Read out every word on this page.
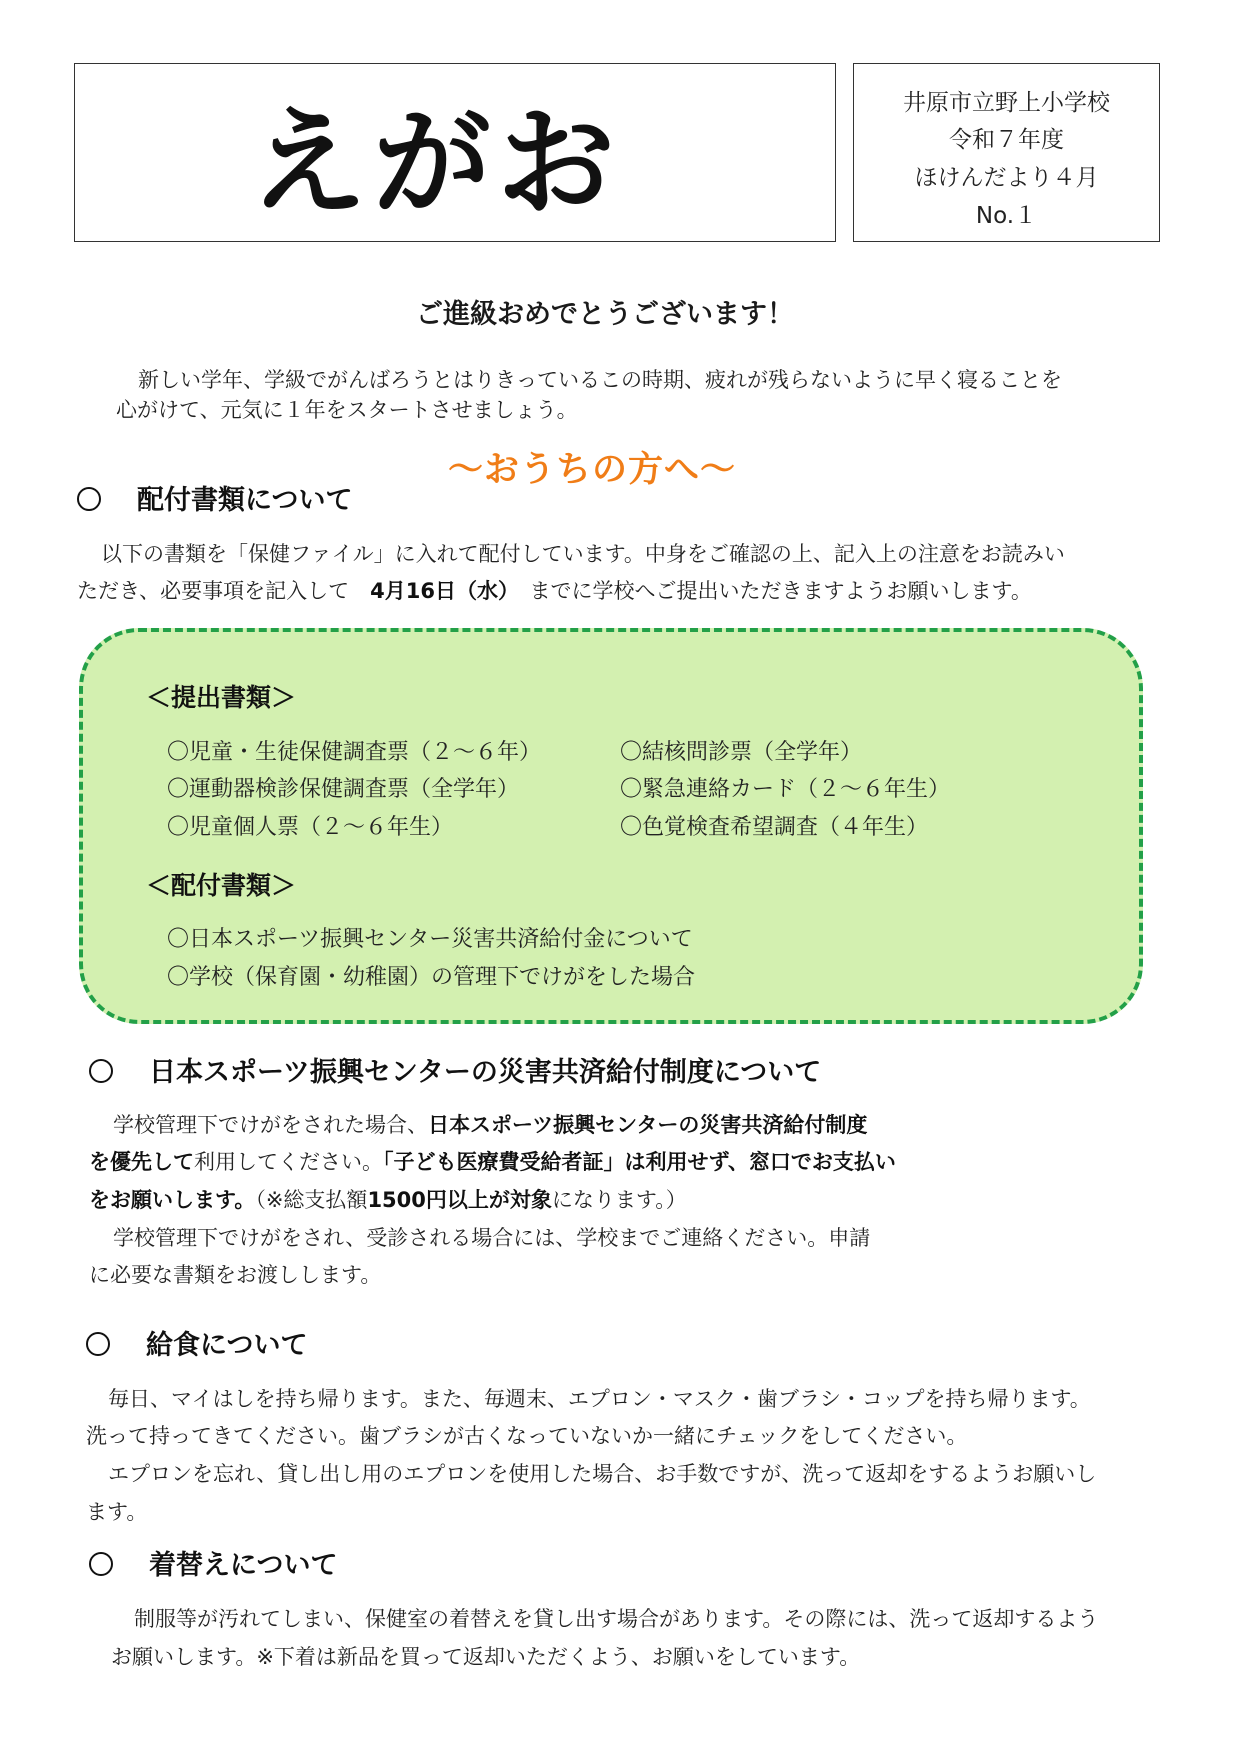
えがお	井原市立野上小学校
令和７年度
ほけんだより４月
No.１
ご進級おめでとうございます！
新しい学年、学級でがんばろうとはりきっているこの時期、疲れが残らないように早く寝ることを
心がけて、元気に１年をスタートさせましょう。
～おうちの方へ～
配付書類について
以下の書類を「保健ファイル」に入れて配付しています。中身をご確認の上、記入上の注意をお読みい
ただき、必要事項を記入して　4月16日（水）　 までに学校へご提出いただきますようお願いします。
＜提出書類＞
〇児童・生徒保健調査票（２～６年）
〇運動器検診保健調査票（全学年）
〇児童個人票（２～６年生）
〇結核問診票（全学年）
〇緊急連絡カード（２～６年生）
〇色覚検査希望調査（４年生）
＜配付書類＞
〇日本スポーツ振興センター災害共済給付金について
〇学校（保育園・幼稚園）の管理下でけがをした場合
日本スポーツ振興センターの災害共済給付制度について
学校管理下でけがをされた場合、日本スポーツ振興センターの災害共済給付制度
を優先して利用してください。「子ども医療費受給者証」は利用せず、窓口でお支払い
をお願いします。（※総支払額1500円以上が対象になります。）
学校管理下でけがをされ、受診される場合には、学校までご連絡ください。申請
に必要な書類をお渡しします。
給食について
毎日、マイはしを持ち帰ります。また、毎週末、エプロン・マスク・歯ブラシ・コップを持ち帰ります。
洗って持ってきてください。歯ブラシが古くなっていないか一緒にチェックをしてください。
エプロンを忘れ、貸し出し用のエプロンを使用した場合、お手数ですが、洗って返却をするようお願いし
ます。
着替えについて
制服等が汚れてしまい、保健室の着替えを貸し出す場合があります。その際には、洗って返却するよう
お願いします。※下着は新品を買って返却いただくよう、お願いをしています。
